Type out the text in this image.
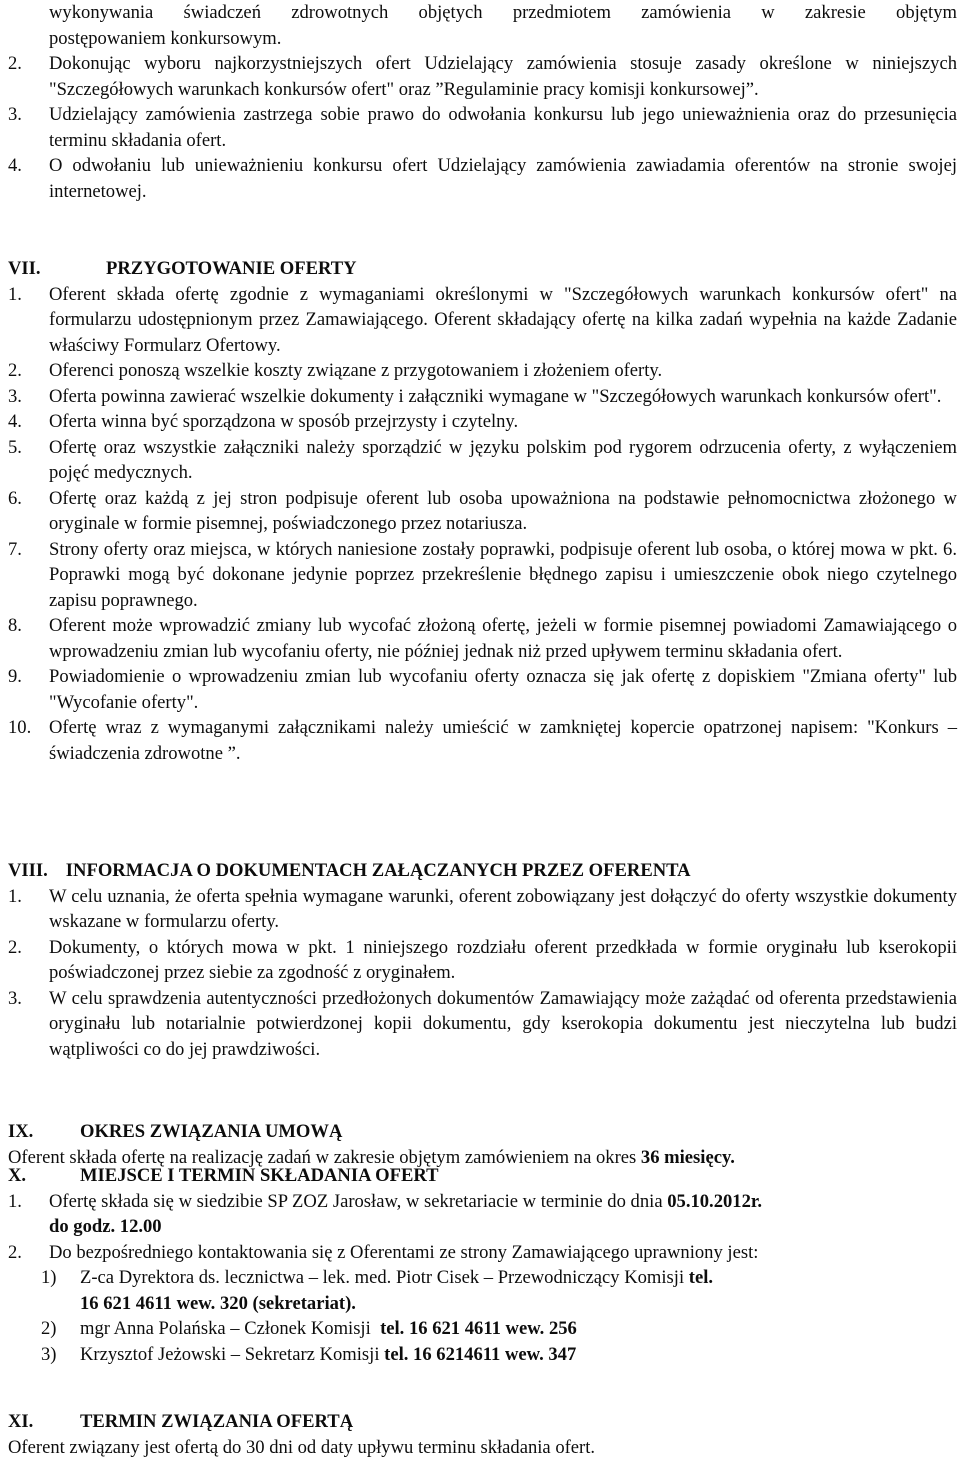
wykonywania świadczeń zdrowotnych objętych przedmiotem zamówienia w zakresie objętym
postępowaniem konkursowym.
2.	Dokonując wyboru najkorzystniejszych ofert Udzielający zamówienia stosuje zasady określone w niniejszych "Szczegółowych warunkach konkursów ofert" oraz ”Regulaminie pracy komisji konkursowej”.
3.	Udzielający zamówienia zastrzega sobie prawo do odwołania konkursu lub jego unieważnienia oraz do przesunięcia terminu składania ofert.
4.	O odwołaniu lub unieważnieniu konkursu ofert Udzielający zamówienia zawiadamia oferentów na stronie swojej internetowej.
VII.	PRZYGOTOWANIE OFERTY
1.	Oferent składa ofertę zgodnie z wymaganiami określonymi w "Szczegółowych warunkach konkursów ofert" na formularzu udostępnionym przez Zamawiającego. Oferent składający ofertę na kilka zadań wypełnia na każde Zadanie właściwy Formularz Ofertowy.
2.	Oferenci ponoszą wszelkie koszty związane z przygotowaniem i złożeniem oferty.
3.	Oferta powinna zawierać wszelkie dokumenty i załączniki wymagane w "Szczegółowych warunkach konkursów ofert".
4.	Oferta winna być sporządzona w sposób przejrzysty i czytelny.
5.	Ofertę oraz wszystkie załączniki należy sporządzić w języku polskim pod rygorem odrzucenia oferty, z wyłączeniem pojęć medycznych.
6.	Ofertę oraz każdą z jej stron podpisuje oferent lub osoba upoważniona na podstawie pełnomocnictwa złożonego w oryginale w formie pisemnej, poświadczonego przez notariusza.
7.	Strony oferty oraz miejsca, w których naniesione zostały poprawki, podpisuje oferent lub osoba, o której mowa w pkt. 6. Poprawki mogą być dokonane jedynie poprzez przekreślenie błędnego zapisu i umieszczenie obok niego czytelnego zapisu poprawnego.
8.	Oferent może wprowadzić zmiany lub wycofać złożoną ofertę, jeżeli w formie pisemnej powiadomi Zamawiającego o wprowadzeniu zmian lub wycofaniu oferty, nie później jednak niż przed upływem terminu składania ofert.
9.	Powiadomienie o wprowadzeniu zmian lub wycofaniu oferty oznacza się jak ofertę z dopiskiem "Zmiana oferty" lub "Wycofanie oferty".
10. Ofertę wraz z wymaganymi załącznikami należy umieścić w zamkniętej kopercie opatrzonej napisem: "Konkurs – świadczenia zdrowotne ”.
VIII. INFORMACJA O DOKUMENTACH ZAŁĄCZANYCH PRZEZ OFERENTA
1.	W celu uznania, że oferta spełnia wymagane warunki, oferent zobowiązany jest dołączyć do oferty wszystkie dokumenty wskazane w formularzu oferty.
2.	Dokumenty, o których mowa w pkt. 1 niniejszego rozdziału oferent przedkłada w formie oryginału lub kserokopii poświadczonej przez siebie za zgodność z oryginałem.
3.	W celu sprawdzenia autentyczności przedłożonych dokumentów Zamawiający może zażądać od oferenta przedstawienia oryginału lub notarialnie potwierdzonej kopii dokumentu, gdy kserokopia dokumentu jest nieczytelna lub budzi wątpliwości co do jej prawdziwości.
IX.	OKRES ZWIĄZANIA UMOWĄ
Oferent składa ofertę na realizację zadań w zakresie objętym zamówieniem na okres 36 miesięcy.
X.	MIEJSCE I TERMIN SKŁADANIA OFERT
1.	Ofertę składa się w siedzibie SP ZOZ Jarosław, w sekretariacie w terminie do dnia 05.10.2012r.
do godz. 12.00
2.	Do bezpośredniego kontaktowania się z Oferentami ze strony Zamawiającego uprawniony jest:
1)	Z-ca Dyrektora ds. lecznictwa – lek. med. Piotr Cisek – Przewodniczący Komisji tel.
16 621 4611 wew. 320 (sekretariat).
2)	mgr Anna Polańska – Członek Komisji  tel. 16 621 4611 wew. 256
3)	Krzysztof Jeżowski – Sekretarz Komisji tel. 16 6214611 wew. 347
XI.	TERMIN ZWIĄZANIA OFERTĄ
Oferent związany jest ofertą do 30 dni od daty upływu terminu składania ofert.
